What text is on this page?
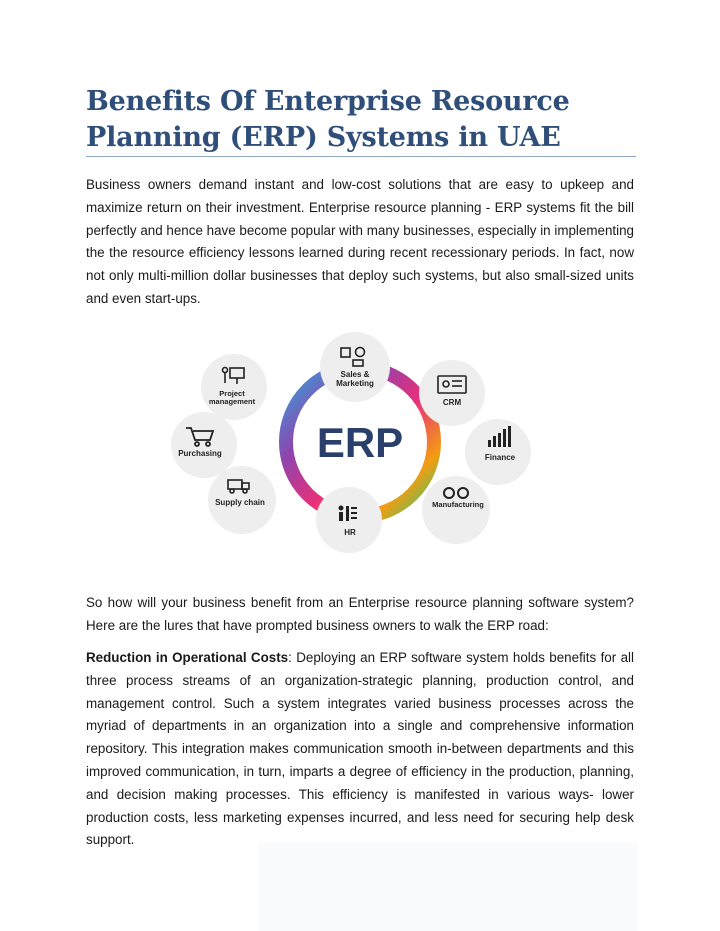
Benefits Of Enterprise Resource Planning (ERP) Systems in UAE

Business owners demand instant and low-cost solutions that are easy to upkeep and maximize return on their investment. Enterprise resource planning - ERP systems fit the bill perfectly and hence have become popular with many businesses, especially in implementing the the resource efficiency lessons learned during recent recessionary periods. In fact, now not only multi-million dollar businesses that deploy such systems, but also small-sized units and even start-ups.

ERP
Sales &
Marketing
CRM
Finance
Manufacturing
HR
Supply chain
Purchasing
Project
management

So how will your business benefit from an Enterprise resource planning software system? Here are the lures that have prompted business owners to walk the ERP road:

Reduction in Operational Costs: Deploying an ERP software system holds benefits for all three process streams of an organization-strategic planning, production control, and management control. Such a system integrates varied business processes across the myriad of departments in an organization into a single and comprehensive information repository. This integration makes communication smooth in-between departments and this improved communication, in turn, imparts a degree of efficiency in the production, planning, and decision making processes. This efficiency is manifested in various ways- lower production costs, less marketing expenses incurred, and less need for securing help desk support.
